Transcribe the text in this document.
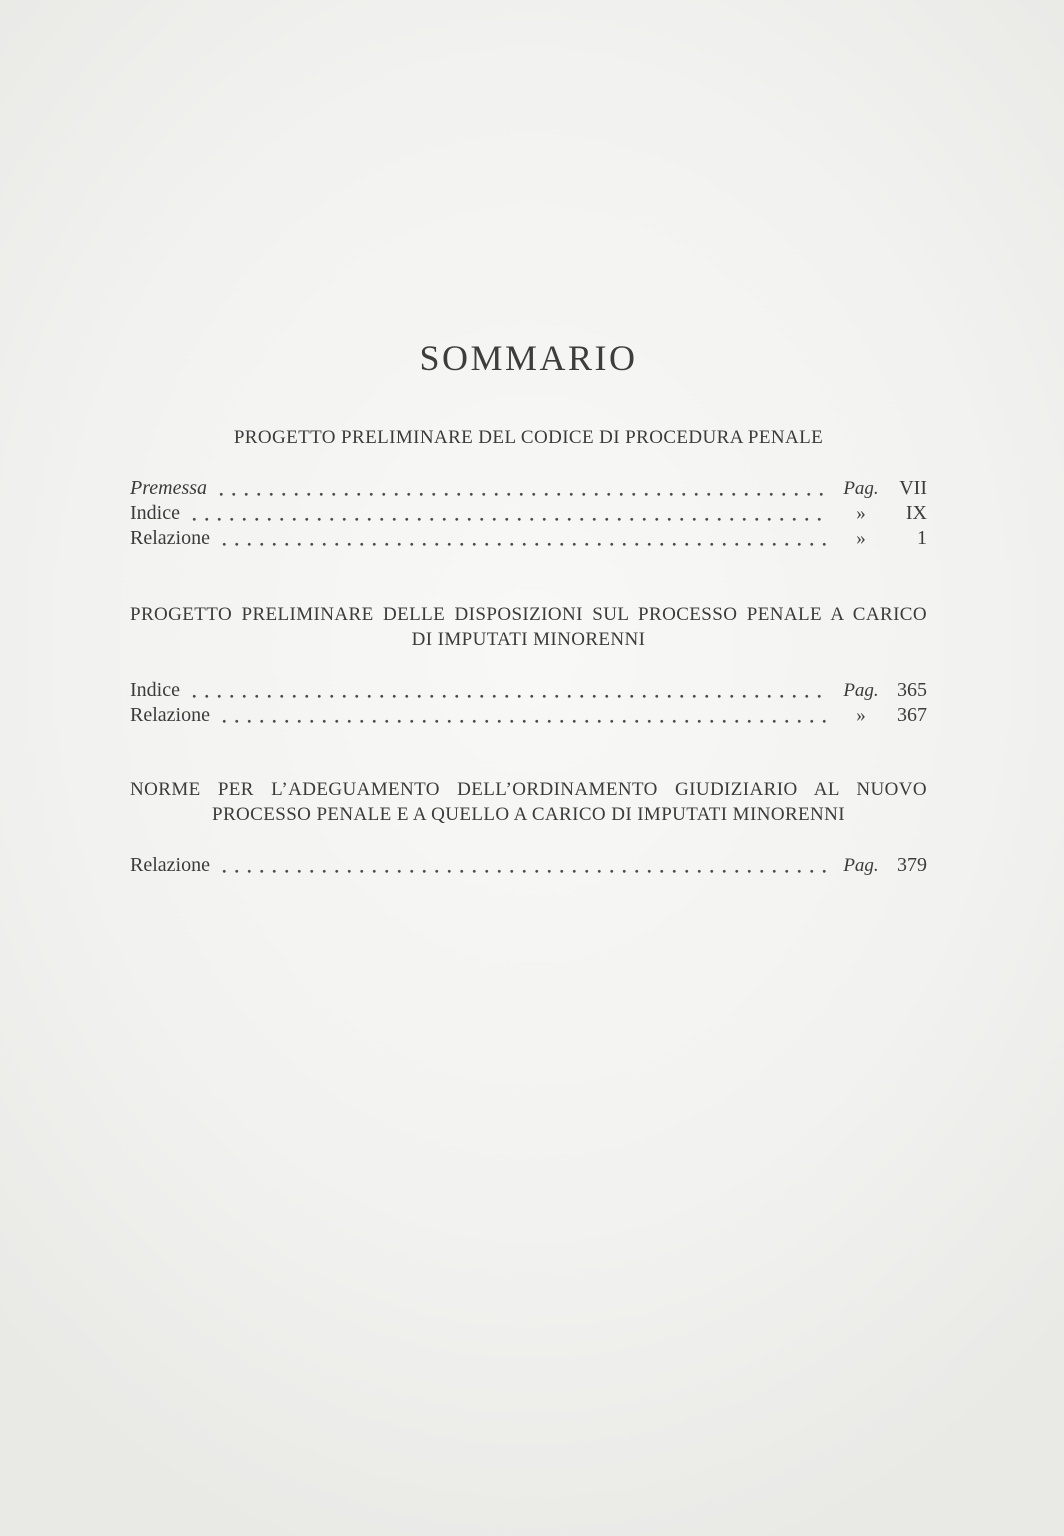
SOMMARIO
PROGETTO PRELIMINARE DEL CODICE DI PROCEDURA PENALE
Premessa	Pag.	VII
Indice	»	IX
Relazione	»	1
PROGETTO PRELIMINARE DELLE DISPOSIZIONI SUL PROCESSO PENALE A CARICO
DI IMPUTATI MINORENNI
Indice	Pag. 365
Relazione	»	367
NORME PER L’ADEGUAMENTO DELL’ORDINAMENTO GIUDIZIARIO AL NUOVO
PROCESSO PENALE E A QUELLO A CARICO DI IMPUTATI MINORENNI
Relazione	Pag. 379
